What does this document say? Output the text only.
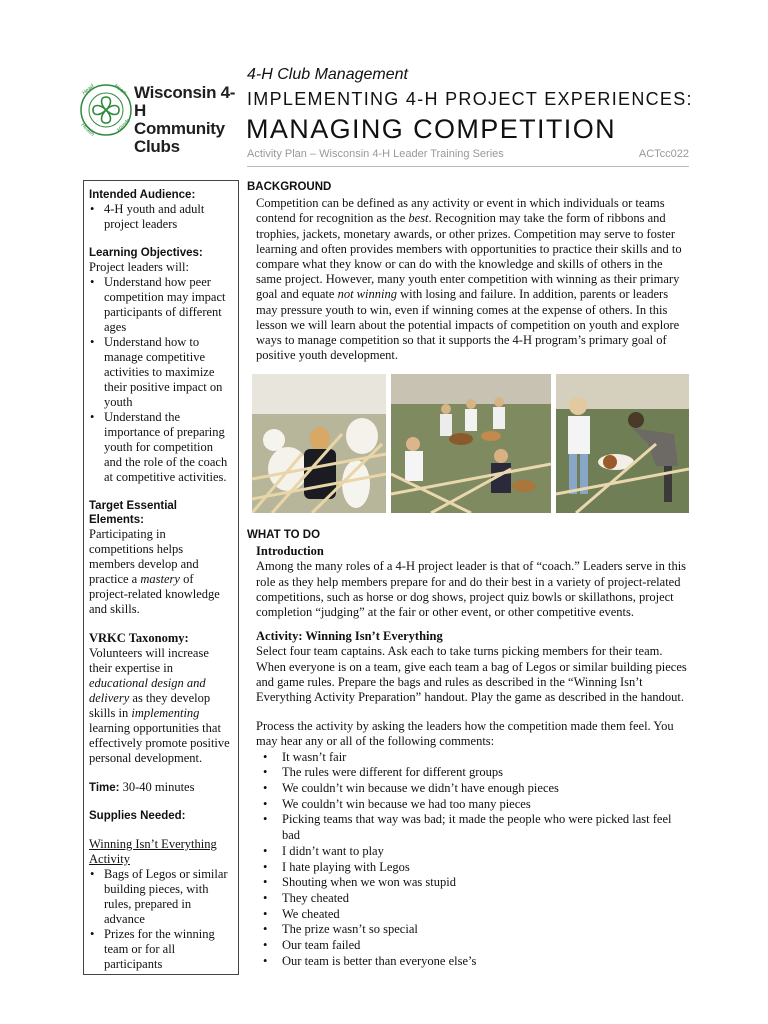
Head	Heart
Hands
Health
Wisconsin 4-H
Community
Clubs
4-H Club Management
IMPLEMENTING 4-H PROJECT EXPERIENCES:
MANAGING COMPETITION
Activity Plan – Wisconsin 4-H Leader Training Series	ACTcc022
Intended Audience:
• 4-H youth and adult project leaders
Learning Objectives:
Project leaders will:
• Understand how peer competition may impact participants of different ages
• Understand how to manage competitive activities to maximize their positive impact on youth
• Understand the importance of preparing youth for competition and the role of the coach at competitive activities.
Target Essential Elements:
Participating in competitions helps members develop and practice a mastery of project-related knowledge and skills.
VRKC Taxonomy:
Volunteers will increase their expertise in educational design and delivery as they develop skills in implementing learning opportunities that effectively promote positive personal development.
Time: 30-40 minutes
Supplies Needed:
Winning Isn’t Everything Activity
• Bags of Legos or similar building pieces, with rules, prepared in advance
• Prizes for the winning team or for all participants
BACKGROUND

Competition can be defined as any activity or event in which individuals or teams contend for recognition as the best. Recognition may take the form of ribbons and trophies, jackets, monetary awards, or other prizes. Competition may serve to foster learning and often provides members with opportunities to practice their skills and to compare what they know or can do with the knowledge and skills of others in the same project. However, many youth enter competition with winning as their primary goal and equate not winning with losing and failure. In addition, parents or leaders may pressure youth to win, even if winning comes at the expense of others. In this lesson we will learn about the potential impacts of competition on youth and explore ways to manage competition so that it supports the 4-H program’s primary goal of positive youth development.

WHAT TO DO
Introduction

Among the many roles of a 4-H project leader is that of “coach.” Leaders serve in this role as they help members prepare for and do their best in a variety of project-related competitions, such as horse or dog shows, project quiz bowls or skillathons, project completion “judging” at the fair or other event, or other competitive events.

Activity: Winning Isn’t Everything

Select four team captains. Ask each to take turns picking members for their team. When everyone is on a team, give each team a bag of Legos or similar building pieces and game rules. Prepare the bags and rules as described in the “Winning Isn’t Everything Activity Preparation” handout. Play the game as described in the handout.

Process the activity by asking the leaders how the competition made them feel. You may hear any or all of the following comments:

• It wasn’t fair
• The rules were different for different groups
• We couldn’t win because we didn’t have enough pieces
• We couldn’t win because we had too many pieces
• Picking teams that way was bad; it made the people who were picked last feel bad
• I didn’t want to play
• I hate playing with Legos
• Shouting when we won was stupid
• They cheated
• We cheated
• The prize wasn’t so special
• Our team failed
• Our team is better than everyone else’s
